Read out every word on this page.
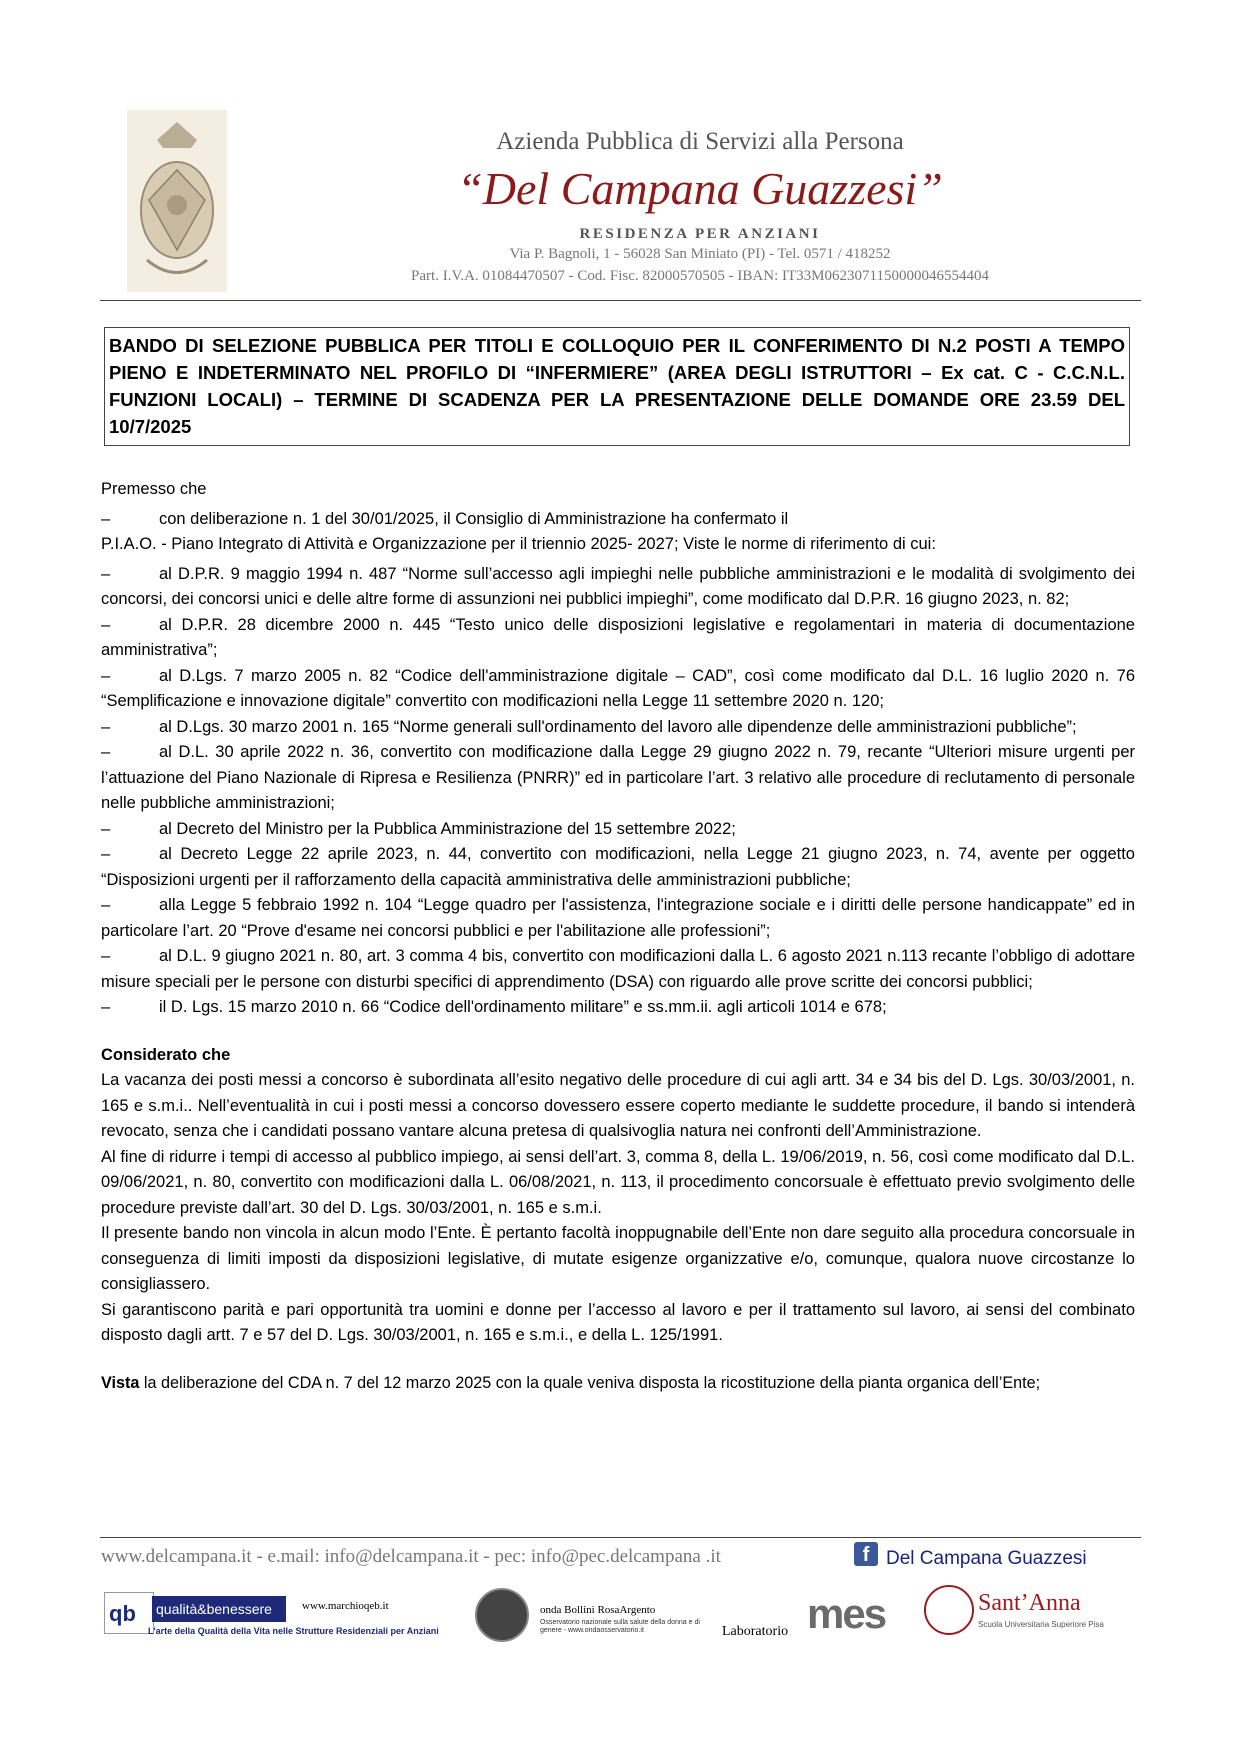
Azienda Pubblica di Servizi alla Persona
“Del Campana Guazzesi”
RESIDENZA PER ANZIANI
Via P. Bagnoli, 1 - 56028 San Miniato (PI) - Tel. 0571 / 418252
Part. I.V.A. 01084470507 - Cod. Fisc. 82000570505 - IBAN: IT33M0623071150000046554404
BANDO DI SELEZIONE PUBBLICA PER TITOLI E COLLOQUIO PER IL CONFERIMENTO DI N.2 POSTI A TEMPO PIENO E INDETERMINATO NEL PROFILO DI “INFERMIERE” (AREA DEGLI ISTRUTTORI – Ex cat. C - C.C.N.L. FUNZIONI LOCALI) – TERMINE DI SCADENZA PER LA PRESENTAZIONE DELLE DOMANDE ORE 23.59 DEL 10/7/2025

Premesso che

–	con deliberazione n. 1 del 30/01/2025, il Consiglio di Amministrazione ha confermato il

P.I.A.O. - Piano Integrato di Attività e Organizzazione per il triennio 2025- 2027; Viste le norme di riferimento di cui:

–	al D.P.R. 9 maggio 1994 n. 487 “Norme sull’accesso agli impieghi nelle pubbliche amministrazioni e le modalità di svolgimento dei concorsi, dei concorsi unici e delle altre forme di assunzioni nei pubblici impieghi”, come modificato dal D.P.R. 16 giugno 2023, n. 82;

–	al D.P.R. 28 dicembre 2000 n. 445 “Testo unico delle disposizioni legislative e regolamentari in materia di documentazione amministrativa”;

–	al D.Lgs. 7 marzo 2005 n. 82 “Codice dell'amministrazione digitale – CAD”, così come modificato dal D.L. 16 luglio 2020 n. 76 “Semplificazione e innovazione digitale” convertito con modificazioni nella Legge 11 settembre 2020 n. 120;

–	al D.Lgs. 30 marzo 2001 n. 165 “Norme generali sull'ordinamento del lavoro alle dipendenze delle amministrazioni pubbliche”;

–	al D.L. 30 aprile 2022 n. 36, convertito con modificazione dalla Legge 29 giugno 2022 n. 79, recante “Ulteriori misure urgenti per l’attuazione del Piano Nazionale di Ripresa e Resilienza (PNRR)” ed in particolare l’art. 3 relativo alle procedure di reclutamento di personale nelle pubbliche amministrazioni;

–	al Decreto del Ministro per la Pubblica Amministrazione del 15 settembre 2022;

–	al Decreto Legge 22 aprile 2023, n. 44, convertito con modificazioni, nella Legge 21 giugno 2023, n. 74, avente per oggetto “Disposizioni urgenti per il rafforzamento della capacità amministrativa delle amministrazioni pubbliche;

–	alla Legge 5 febbraio 1992 n. 104 “Legge quadro per l'assistenza, l'integrazione sociale e i diritti delle persone handicappate” ed in particolare l’art. 20 “Prove d'esame nei concorsi pubblici e per l'abilitazione alle professioni”;

–	al D.L. 9 giugno 2021 n. 80, art. 3 comma 4 bis, convertito con modificazioni dalla L. 6 agosto 2021 n.113 recante l’obbligo di adottare misure speciali per le persone con disturbi specifici di apprendimento (DSA) con riguardo alle prove scritte dei concorsi pubblici;

–	il D. Lgs. 15 marzo 2010 n. 66 “Codice dell'ordinamento militare” e ss.mm.ii. agli articoli 1014 e 678;

Considerato che

La vacanza dei posti messi a concorso è subordinata all’esito negativo delle procedure di cui agli artt. 34 e 34 bis del D. Lgs. 30/03/2001, n. 165 e s.m.i.. Nell’eventualità in cui i posti messi a concorso dovessero essere coperto mediante le suddette procedure, il bando si intenderà revocato, senza che i candidati possano vantare alcuna pretesa di qualsivoglia natura nei confronti dell’Amministrazione.

Al fine di ridurre i tempi di accesso al pubblico impiego, ai sensi dell’art. 3, comma 8, della L. 19/06/2019, n. 56, così come modificato dal D.L. 09/06/2021, n. 80, convertito con modificazioni dalla L. 06/08/2021, n. 113, il procedimento concorsuale è effettuato previo svolgimento delle procedure previste dall’art. 30 del D. Lgs. 30/03/2001, n. 165 e s.m.i.

Il presente bando non vincola in alcun modo l’Ente. È pertanto facoltà inoppugnabile dell’Ente non dare seguito alla procedura concorsuale in conseguenza di limiti imposti da disposizioni legislative, di mutate esigenze organizzative e/o, comunque, qualora nuove circostanze lo consigliassero.

Si garantiscono parità e pari opportunità tra uomini e donne per l’accesso al lavoro e per il trattamento sul lavoro, ai sensi del combinato disposto dagli artt. 7 e 57 del D. Lgs. 30/03/2001, n. 165 e s.m.i., e della L. 125/1991.

Vista la deliberazione del CDA n. 7 del 12 marzo 2025 con la quale veniva disposta la ricostituzione della pianta organica dell’Ente;

www.delcampana.it - e.mail: info@delcampana.it - pec: info@pec.delcampana .it	f Del Campana Guazzesi
qb qualità&benessere
L'arte della Qualità della Vita nelle Strutture Residenziali per Anziani
www.marchioqeb.it	onda Bollini RosaArgento
Osservatorio nazionale sulla salute della donna e di genere - www.ondaosservatorio.it	Laboratorio mes	Sant’Anna
Scuola Universitaria Superiore Pisa
